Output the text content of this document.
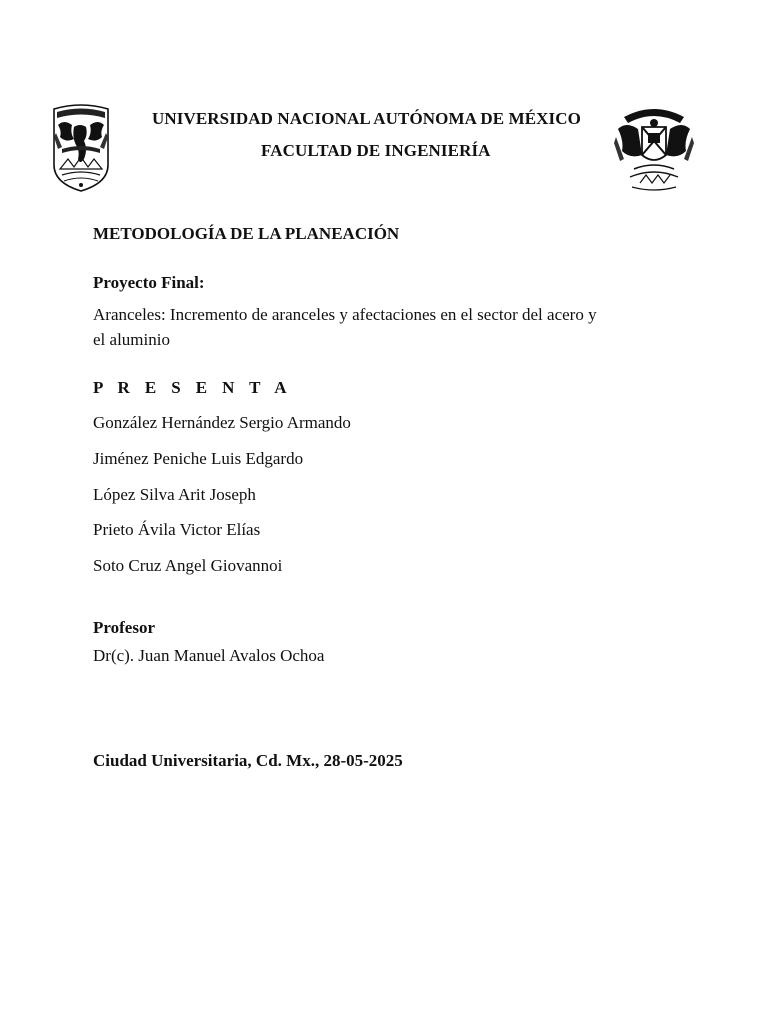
UNIVERSIDAD NACIONAL AUTÓNOMA DE MÉXICO
FACULTAD DE INGENIERÍA
METODOLOGÍA DE LA PLANEACIÓN
Proyecto Final:
Aranceles: Incremento de aranceles y afectaciones en el sector del acero y el aluminio
P R E S E N T A
González Hernández Sergio Armando
Jiménez Peniche Luis Edgardo
López Silva Arit Joseph
Prieto Ávila Victor Elías
Soto Cruz Angel Giovannoi
Profesor
Dr(c). Juan Manuel Avalos Ochoa
Ciudad Universitaria, Cd. Mx., 28-05-2025
